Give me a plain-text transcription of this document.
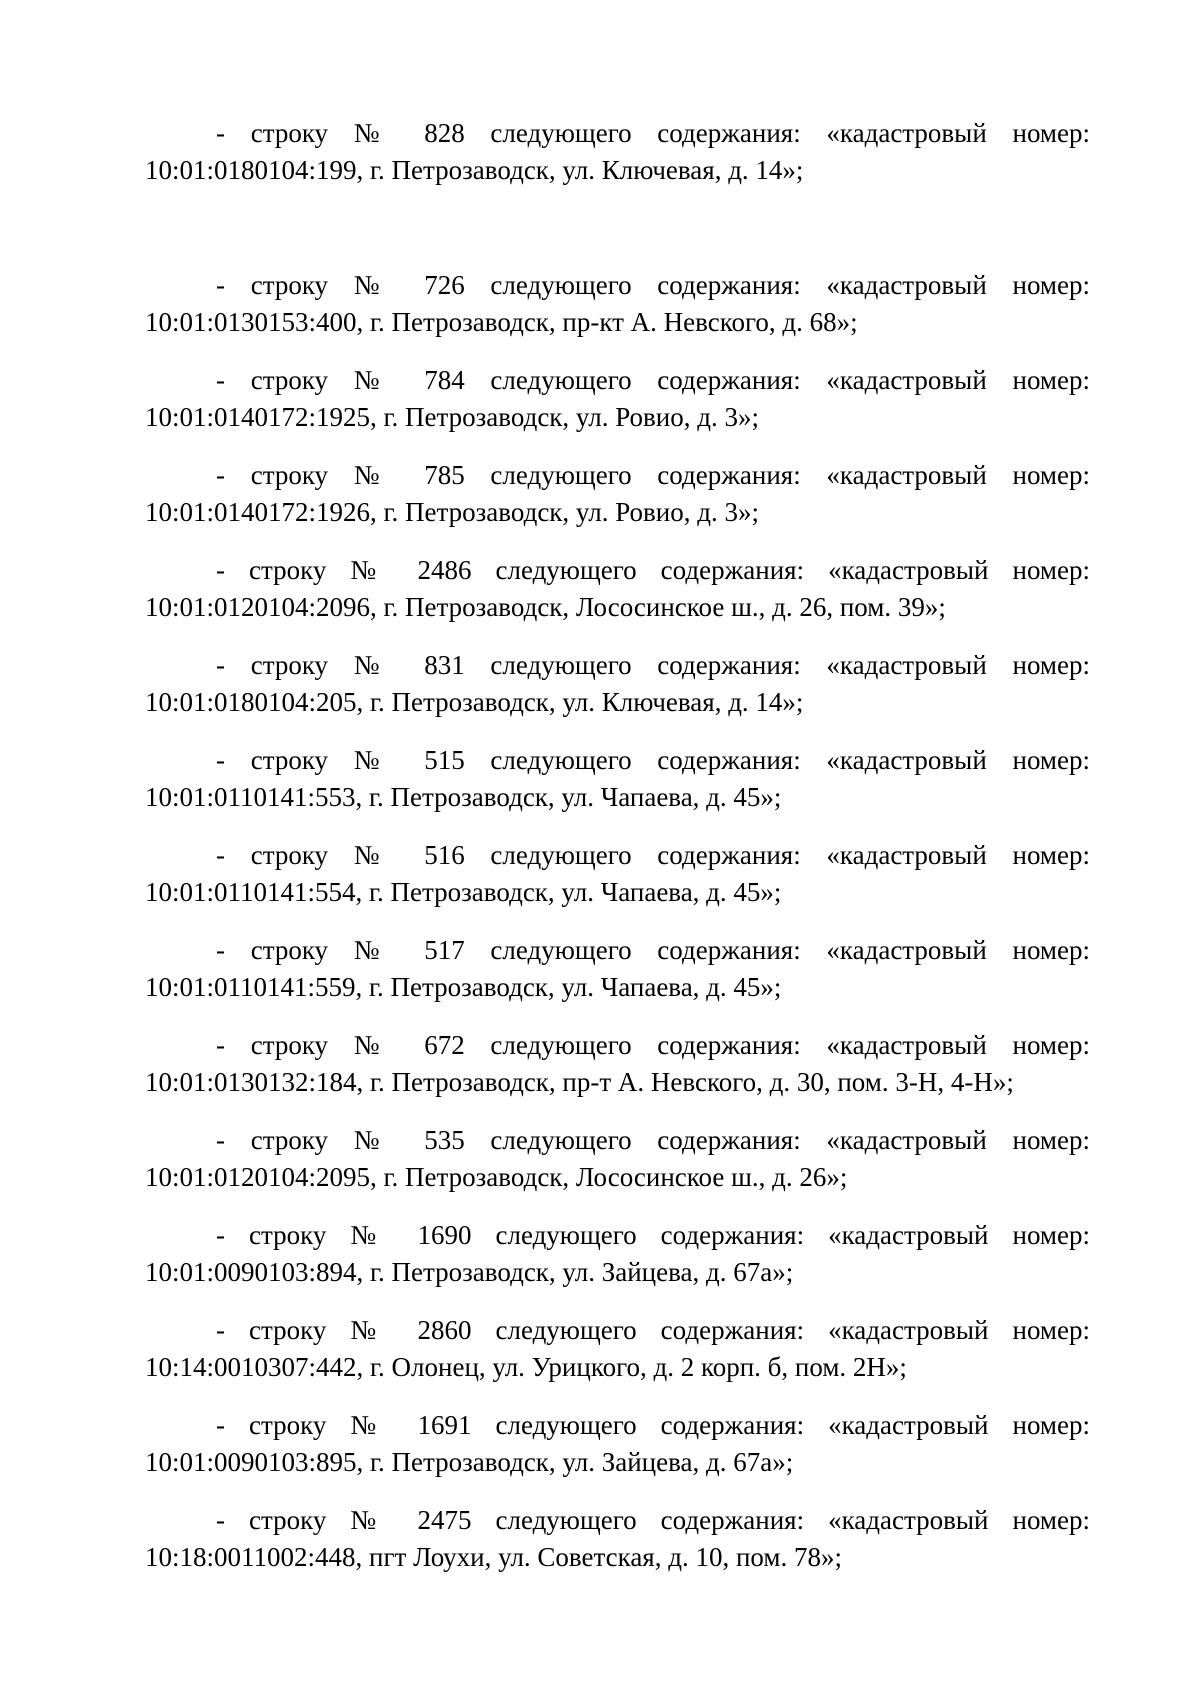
- строку № 828 следующего содержания: «кадастровый номер:
10:01:0180104:199, г. Петрозаводск, ул. Ключевая, д. 14»;
- строку № 726 следующего содержания: «кадастровый номер:
10:01:0130153:400, г. Петрозаводск, пр-кт А. Невского, д. 68»;
- строку № 784 следующего содержания: «кадастровый номер:
10:01:0140172:1925, г. Петрозаводск, ул. Ровио, д. 3»;
- строку № 785 следующего содержания: «кадастровый номер:
10:01:0140172:1926, г. Петрозаводск, ул. Ровио, д. 3»;
- строку № 2486 следующего содержания: «кадастровый номер:
10:01:0120104:2096, г. Петрозаводск, Лососинское ш., д. 26, пом. 39»;
- строку № 831 следующего содержания: «кадастровый номер:
10:01:0180104:205, г. Петрозаводск, ул. Ключевая, д. 14»;
- строку № 515 следующего содержания: «кадастровый номер:
10:01:0110141:553, г. Петрозаводск, ул. Чапаева, д. 45»;
- строку № 516 следующего содержания: «кадастровый номер:
10:01:0110141:554, г. Петрозаводск, ул. Чапаева, д. 45»;
- строку № 517 следующего содержания: «кадастровый номер:
10:01:0110141:559, г. Петрозаводск, ул. Чапаева, д. 45»;
- строку № 672 следующего содержания: «кадастровый номер:
10:01:0130132:184, г. Петрозаводск, пр-т А. Невского, д. 30, пом. 3-Н, 4-Н»;
- строку № 535 следующего содержания: «кадастровый номер:
10:01:0120104:2095, г. Петрозаводск, Лососинское ш., д. 26»;
- строку № 1690 следующего содержания: «кадастровый номер:
10:01:0090103:894, г. Петрозаводск, ул. Зайцева, д. 67а»;
- строку № 2860 следующего содержания: «кадастровый номер:
10:14:0010307:442, г. Олонец, ул. Урицкого, д. 2 корп. б, пом. 2Н»;
- строку № 1691 следующего содержания: «кадастровый номер:
10:01:0090103:895, г. Петрозаводск, ул. Зайцева, д. 67а»;
- строку № 2475 следующего содержания: «кадастровый номер:
10:18:0011002:448, пгт Лоухи, ул. Советская, д. 10, пом. 78»;
